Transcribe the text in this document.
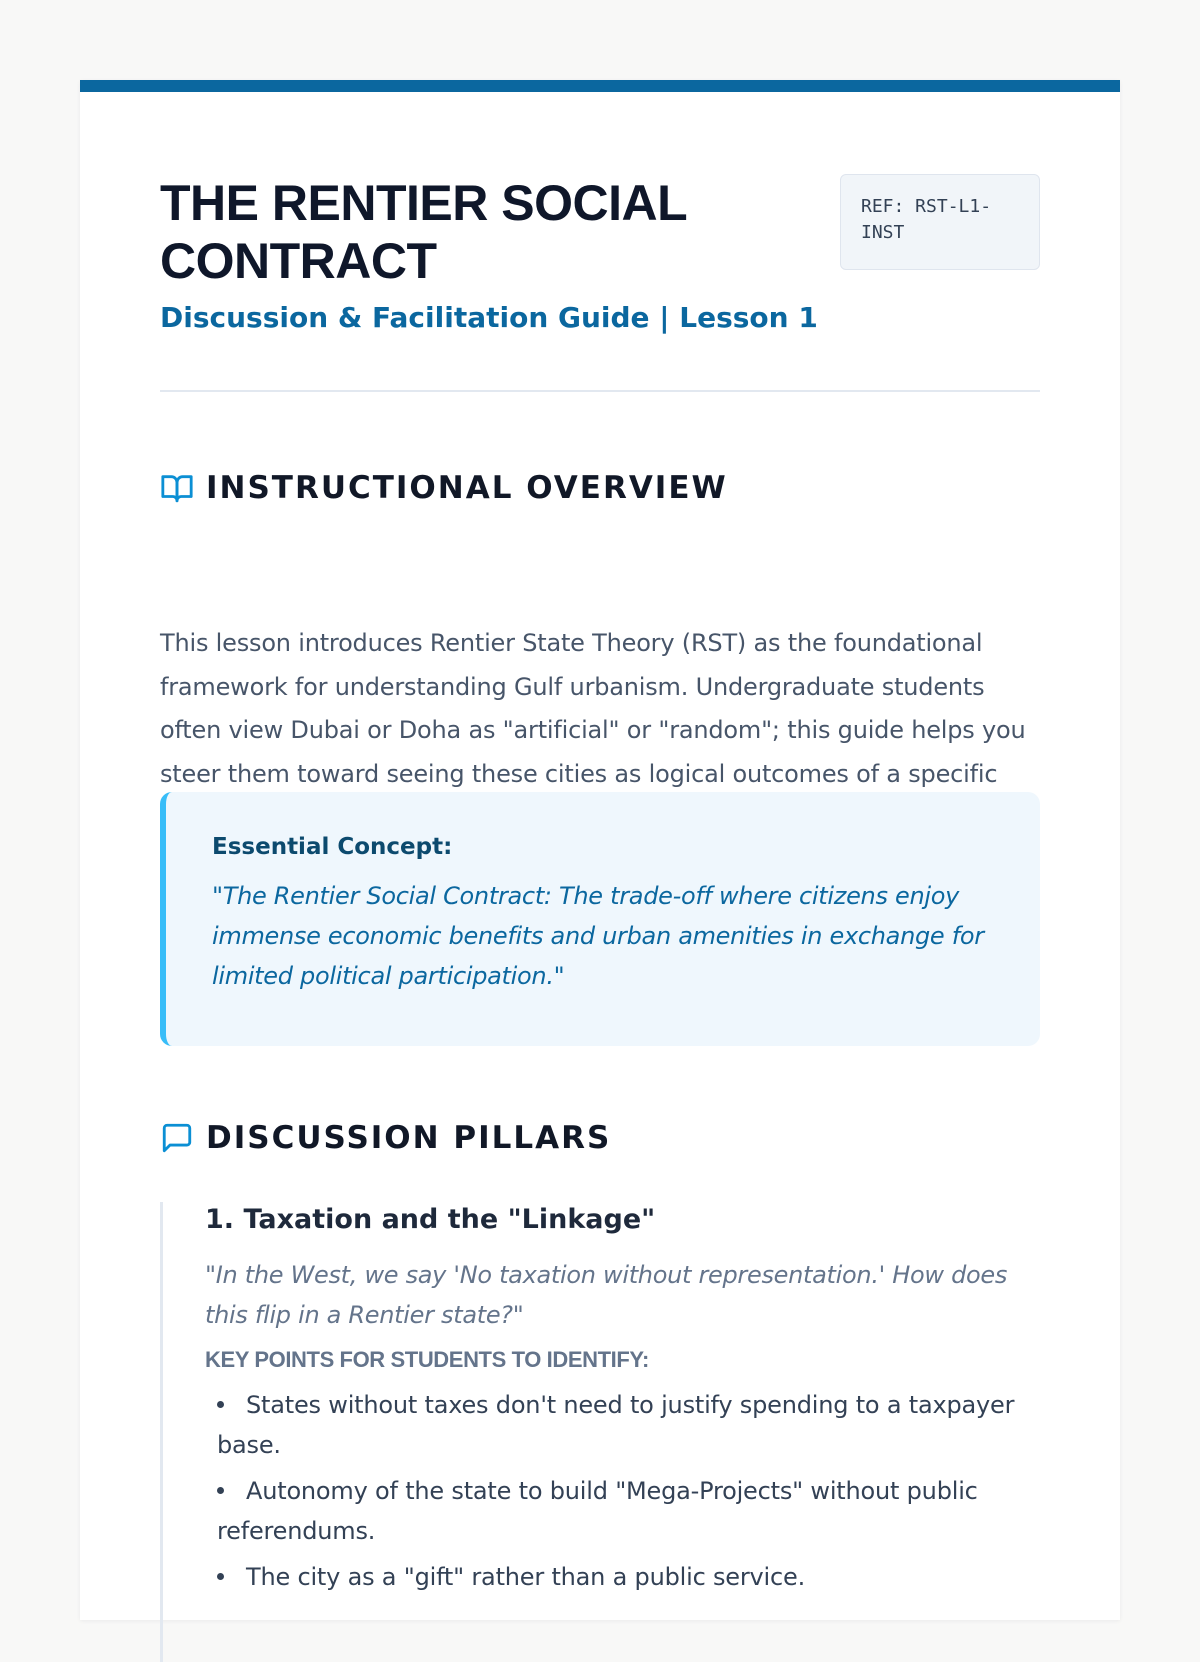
THE RENTIER SOCIAL CONTRACT
Discussion & Facilitation Guide | Lesson 1
REF: RST-L1-INST
INSTRUCTIONAL OVERVIEW

This lesson introduces Rentier State Theory (RST) as the foundational framework for understanding Gulf urbanism. Undergraduate students often view Dubai or Doha as "artificial" or "random"; this guide helps you steer them toward seeing these cities as logical outcomes of a specific

Essential Concept:
"The Rentier Social Contract: The trade-off where citizens enjoy immense economic benefits and urban amenities in exchange for limited political participation."
DISCUSSION PILLARS
1. Taxation and the "Linkage"
"In the West, we say 'No taxation without representation.' How does this flip in a Rentier state?"
KEY POINTS FOR STUDENTS TO IDENTIFY:
States without taxes don't need to justify spending to a taxpayer base.
Autonomy of the state to build "Mega-Projects" without public referendums.
The city as a "gift" rather than a public service.
